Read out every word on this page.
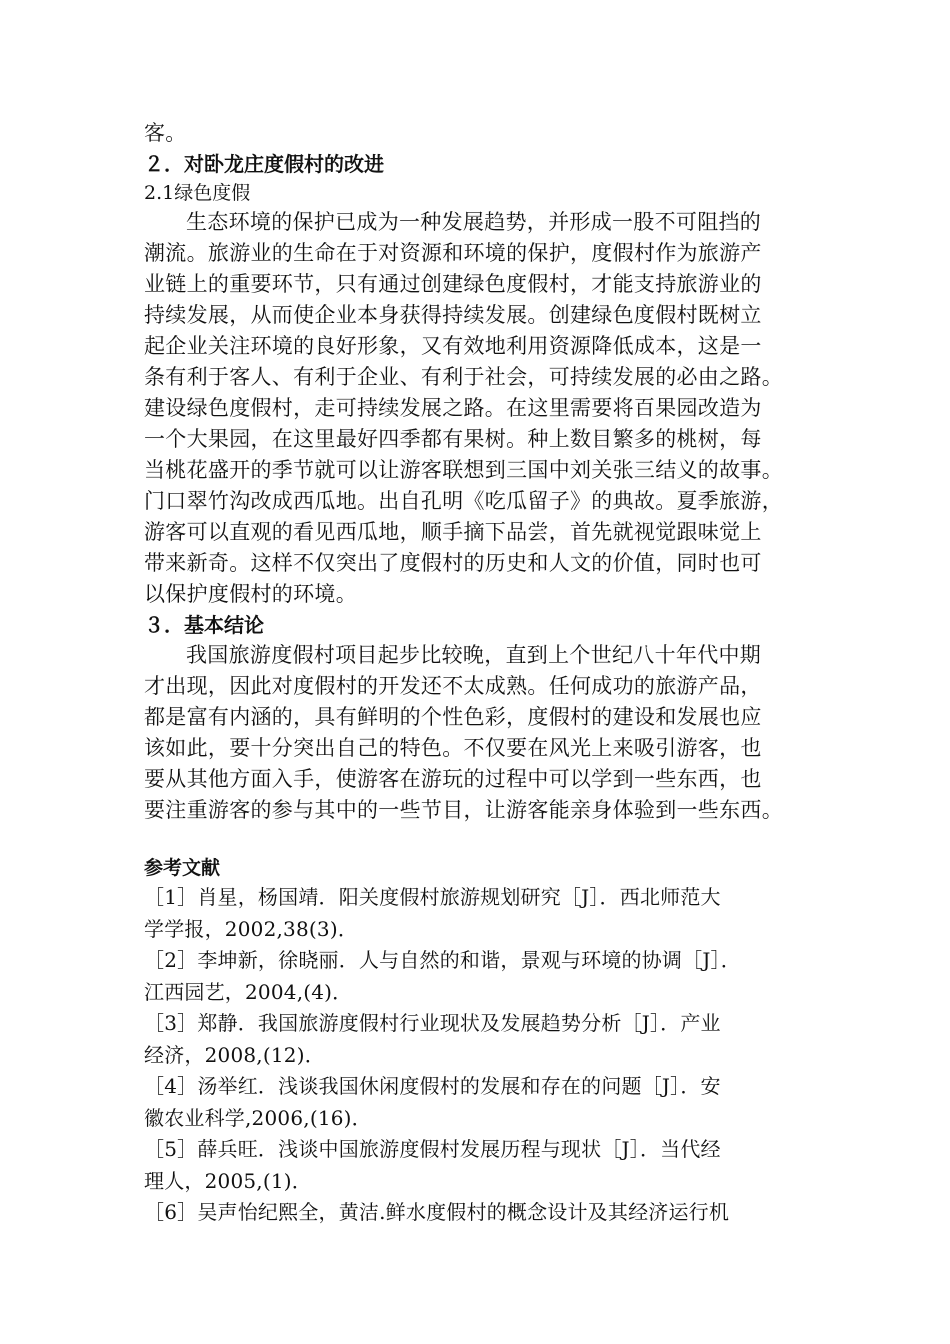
客。
２．对卧龙庄度假村的改进
2.1绿色度假
生态环境的保护已成为一种发展趋势，并形成一股不可阻挡的
潮流。旅游业的生命在于对资源和环境的保护，度假村作为旅游产
业链上的重要环节，只有通过创建绿色度假村，才能支持旅游业的
持续发展，从而使企业本身获得持续发展。创建绿色度假村既树立
起企业关注环境的良好形象，又有效地利用资源降低成本，这是一
条有利于客人、有利于企业、有利于社会，可持续发展的必由之路。
建设绿色度假村，走可持续发展之路。在这里需要将百果园改造为
一个大果园，在这里最好四季都有果树。种上数目繁多的桃树，每
当桃花盛开的季节就可以让游客联想到三国中刘关张三结义的故事。
门口翠竹沟改成西瓜地。出自孔明《吃瓜留子》的典故。夏季旅游，
游客可以直观的看见西瓜地，顺手摘下品尝，首先就视觉跟味觉上
带来新奇。这样不仅突出了度假村的历史和人文的价值，同时也可
以保护度假村的环境。
３．基本结论
我国旅游度假村项目起步比较晚，直到上个世纪八十年代中期
才出现，因此对度假村的开发还不太成熟。任何成功的旅游产品，
都是富有内涵的，具有鲜明的个性色彩，度假村的建设和发展也应
该如此，要十分突出自己的特色。不仅要在风光上来吸引游客，也
要从其他方面入手，使游客在游玩的过程中可以学到一些东西，也
要注重游客的参与其中的一些节目，让游客能亲身体验到一些东西。
参考文献
［1］肖星，杨国靖．阳关度假村旅游规划研究［J］．西北师范大
学学报，2002,38(3)．
［2］李坤新，徐晓丽．人与自然的和谐，景观与环境的协调［J］．
江西园艺，2004,(4)．
［3］郑静．我国旅游度假村行业现状及发展趋势分析［J］．产业
经济，2008,(12)．
［4］汤举红．浅谈我国休闲度假村的发展和存在的问题［J］．安
徽农业科学,2006,(16)．
［5］薛兵旺．浅谈中国旅游度假村发展历程与现状［J］．当代经
理人，2005,(1)．
［6］吴声怡纪熙全，黄洁.鲜水度假村的概念设计及其经济运行机
